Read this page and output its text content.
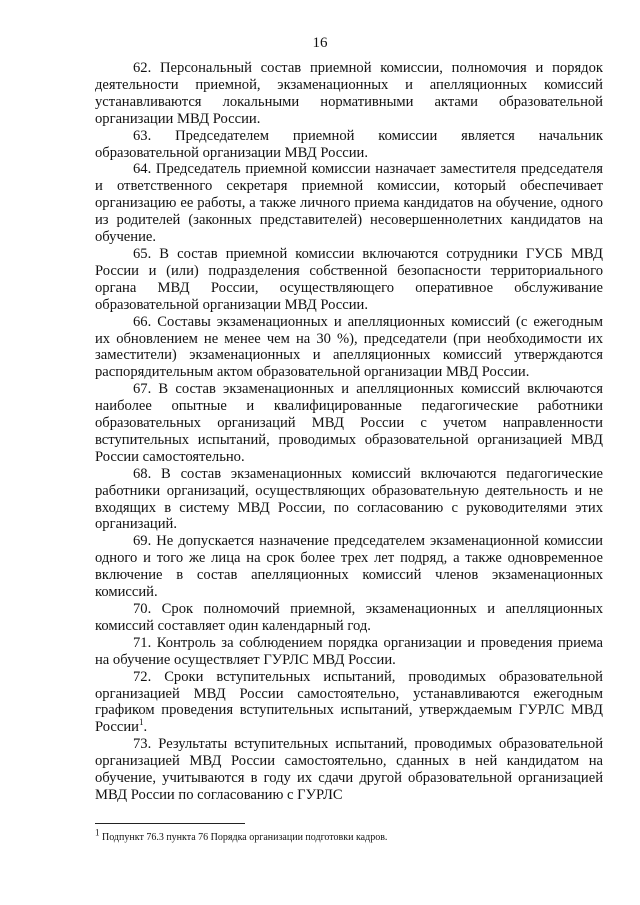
16

62. Персональный состав приемной комиссии, полномочия и порядок деятельности приемной, экзаменационных и апелляционных комиссий устанавливаются локальными нормативными актами образовательной организации МВД России.

63. Председателем приемной комиссии является начальник образовательной организации МВД России.

64. Председатель приемной комиссии назначает заместителя председателя и ответственного секретаря приемной комиссии, который обеспечивает организацию ее работы, а также личного приема кандидатов на обучение, одного из родителей (законных представителей) несовершеннолетних кандидатов на обучение.

65. В состав приемной комиссии включаются сотрудники ГУСБ МВД России и (или) подразделения собственной безопасности территориального органа МВД России, осуществляющего оперативное обслуживание образовательной организации МВД России.

66. Составы экзаменационных и апелляционных комиссий (с ежегодным их обновлением не менее чем на 30 %), председатели (при необходимости их заместители) экзаменационных и апелляционных комиссий утверждаются распорядительным актом образовательной организации МВД России.

67. В состав экзаменационных и апелляционных комиссий включаются наиболее опытные и квалифицированные педагогические работники образовательных организаций МВД России с учетом направленности вступительных испытаний, проводимых образовательной организацией МВД России самостоятельно.

68. В состав экзаменационных комиссий включаются педагогические работники организаций, осуществляющих образовательную деятельность и не входящих в систему МВД России, по согласованию с руководителями этих организаций.

69. Не допускается назначение председателем экзаменационной комиссии одного и того же лица на срок более трех лет подряд, а также одновременное включение в состав апелляционных комиссий членов экзаменационных комиссий.

70. Срок полномочий приемной, экзаменационных и апелляционных комиссий составляет один календарный год.

71. Контроль за соблюдением порядка организации и проведения приема на обучение осуществляет ГУРЛС МВД России.

72. Сроки вступительных испытаний, проводимых образовательной организацией МВД России самостоятельно, устанавливаются ежегодным графиком проведения вступительных испытаний, утверждаемым ГУРЛС МВД России$^1$.

73. Результаты вступительных испытаний, проводимых образовательной организацией МВД России самостоятельно, сданных в ней кандидатом на обучение, учитываются в году их сдачи другой образовательной организацией МВД России по согласованию с ГУРЛС

$^1$ Подпункт 76.3 пункта 76 Порядка организации подготовки кадров.
